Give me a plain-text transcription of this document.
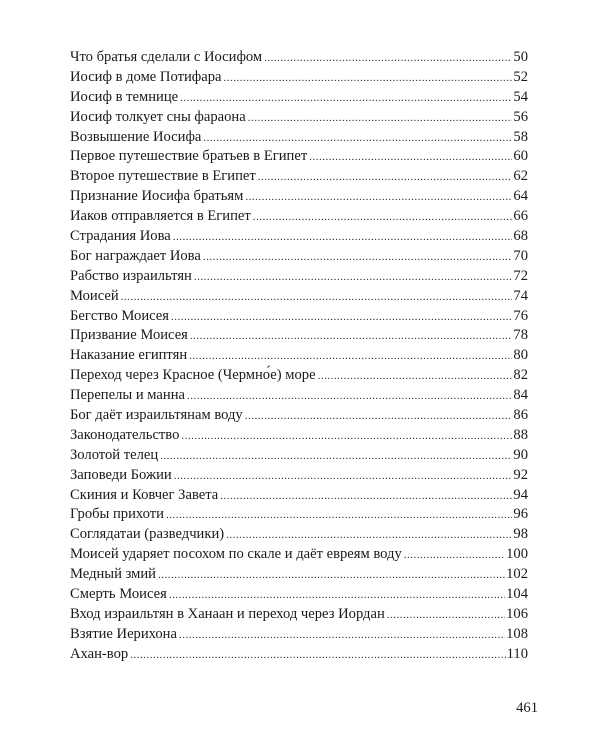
Что братья сделали с Иосифом .....	50
Иосиф в доме Потифара .....	52
Иосиф в темнице .....	54
Иосиф толкует сны фараона .....	56
Возвышение Иосифа .....	58
Первое путешествие братьев в Египет .....	60
Второе путешествие в Египет .....	62
Признание Иосифа братьям .....	64
Иаков отправляется в Египет .....	66
Страдания Иова .....	68
Бог награждает Иова .....	70
Рабство израильтян .....	72
Моисей .....	74
Бегство Моисея .....	76
Призвание Моисея .....	78
Наказание египтян .....	80
Переход через Красное (Чермно́е) море .....	82
Перепелы и манна .....	84
Бог даёт израильтянам воду .....	86
Законодательство .....	88
Золотой телец .....	90
Заповеди Божии .....	92
Скиния и Ковчег Завета .....	94
Гробы прихоти .....	96
Соглядатаи (разведчики) .....	98
Моисей ударяет посохом по скале и даёт евреям воду .....	100
Медный змий .....	102
Смерть Моисея .....	104
Вход израильтян в Ханаан и переход через Иордан .....	106
Взятие Иерихона .....	108
Ахан-вор .....	110
461
